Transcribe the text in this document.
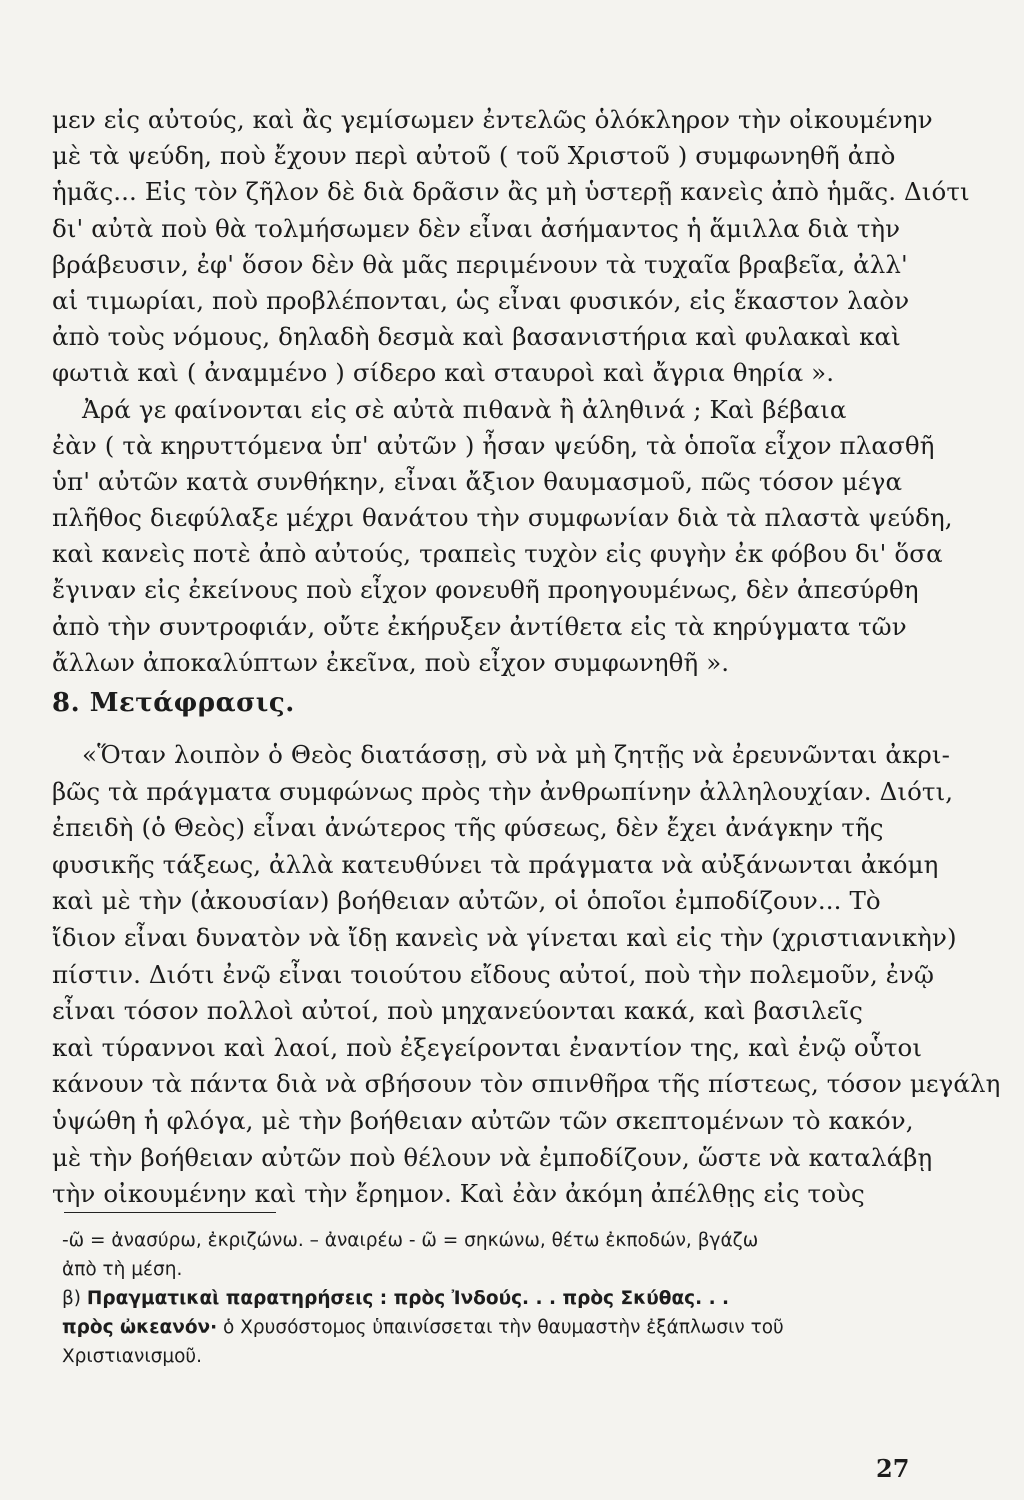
μεν εἰς αὐτούς, καὶ ἂς γεμίσωμεν ἐντελῶς ὁλόκληρον τὴν οἰκουμένην
μὲ τὰ ψεύδη, ποὺ ἔχουν περὶ αὐτοῦ ( τοῦ Χριστοῦ ) συμφωνηθῆ ἀπὸ
ἡμᾶς... Εἰς τὸν ζῆλον δὲ διὰ δρᾶσιν ἂς μὴ ὑστερῇ κανεὶς ἀπὸ ἡμᾶς. Διότι
δι' αὐτὰ ποὺ θὰ τολμήσωμεν δὲν εἶναι ἀσήμαντος ἡ ἅμιλλα διὰ τὴν
βράβευσιν, ἐφ' ὅσον δὲν θὰ μᾶς περιμένουν τὰ τυχαῖα βραβεῖα, ἀλλ'
αἱ τιμωρίαι, ποὺ προβλέπονται, ὡς εἶναι φυσικόν, εἰς ἕκαστον λαὸν
ἀπὸ τοὺς νόμους, δηλαδὴ δεσμὰ καὶ βασανιστήρια καὶ φυλακαὶ καὶ
φωτιὰ καὶ ( ἀναμμένο ) σίδερο καὶ σταυροὶ καὶ ἄγρια θηρία ».
Ἀρά γε φαίνονται εἰς σὲ αὐτὰ πιθανὰ ἢ ἀληθινά ; Καὶ βέβαια
ἐὰν ( τὰ κηρυττόμενα ὑπ' αὐτῶν ) ἦσαν ψεύδη, τὰ ὁποῖα εἶχον πλασθῆ
ὑπ' αὐτῶν κατὰ συνθήκην, εἶναι ἄξιον θαυμασμοῦ, πῶς τόσον μέγα
πλῆθος διεφύλαξε μέχρι θανάτου τὴν συμφωνίαν διὰ τὰ πλαστὰ ψεύδη,
καὶ κανεὶς ποτὲ ἀπὸ αὐτούς, τραπεὶς τυχὸν εἰς φυγὴν ἐκ φόβου δι' ὅσα
ἔγιναν εἰς ἐκείνους ποὺ εἶχον φονευθῆ προηγουμένως, δὲν ἀπεσύρθη
ἀπὸ τὴν συντροφιάν, οὔτε ἐκήρυξεν ἀντίθετα εἰς τὰ κηρύγματα τῶν
ἄλλων ἀποκαλύπτων ἐκεῖνα, ποὺ εἶχον συμφωνηθῆ ».
8. Μετάφρασις.
«Ὅταν λοιπὸν ὁ Θεὸς διατάσσῃ, σὺ νὰ μὴ ζητῇς νὰ ἐρευνῶνται ἀκρι-
βῶς τὰ πράγματα συμφώνως πρὸς τὴν ἀνθρωπίνην ἀλληλουχίαν. Διότι,
ἐπειδὴ (ὁ Θεὸς) εἶναι ἀνώτερος τῆς φύσεως, δὲν ἔχει ἀνάγκην τῆς
φυσικῆς τάξεως, ἀλλὰ κατευθύνει τὰ πράγματα νὰ αὐξάνωνται ἀκόμη
καὶ μὲ τὴν (ἀκουσίαν) βοήθειαν αὐτῶν, οἱ ὁποῖοι ἐμποδίζουν... Τὸ
ἴδιον εἶναι δυνατὸν νὰ ἴδῃ κανεὶς νὰ γίνεται καὶ εἰς τὴν (χριστιανικὴν)
πίστιν. Διότι ἐνῷ εἶναι τοιούτου εἴδους αὐτοί, ποὺ τὴν πολεμοῦν, ἐνῷ
εἶναι τόσον πολλοὶ αὐτοί, ποὺ μηχανεύονται κακά, καὶ βασιλεῖς
καὶ τύραννοι καὶ λαοί, ποὺ ἐξεγείρονται ἐναντίον της, καὶ ἐνῷ οὗτοι
κάνουν τὰ πάντα διὰ νὰ σβήσουν τὸν σπινθῆρα τῆς πίστεως, τόσον μεγάλη
ὑψώθη ἡ φλόγα, μὲ τὴν βοήθειαν αὐτῶν τῶν σκεπτομένων τὸ κακόν,
μὲ τὴν βοήθειαν αὐτῶν ποὺ θέλουν νὰ ἐμποδίζουν, ὥστε νὰ καταλάβῃ
τὴν οἰκουμένην καὶ τὴν ἔρημον. Καὶ ἐὰν ἀκόμη ἀπέλθῃς εἰς τοὺς
-ῶ = ἀνασύρω, ἐκριζώνω. – ἀναιρέω - ῶ = σηκώνω, θέτω ἐκποδών, βγάζω
ἀπὸ τὴ μέση.
β) Πραγματικαὶ παρατηρήσεις : πρὸς Ἰνδούς. . . πρὸς Σκύθας. . .
πρὸς ὠκεανόν· ὁ Χρυσόστομος ὑπαινίσσεται τὴν θαυμαστὴν ἐξάπλωσιν τοῦ
Χριστιανισμοῦ.
27
